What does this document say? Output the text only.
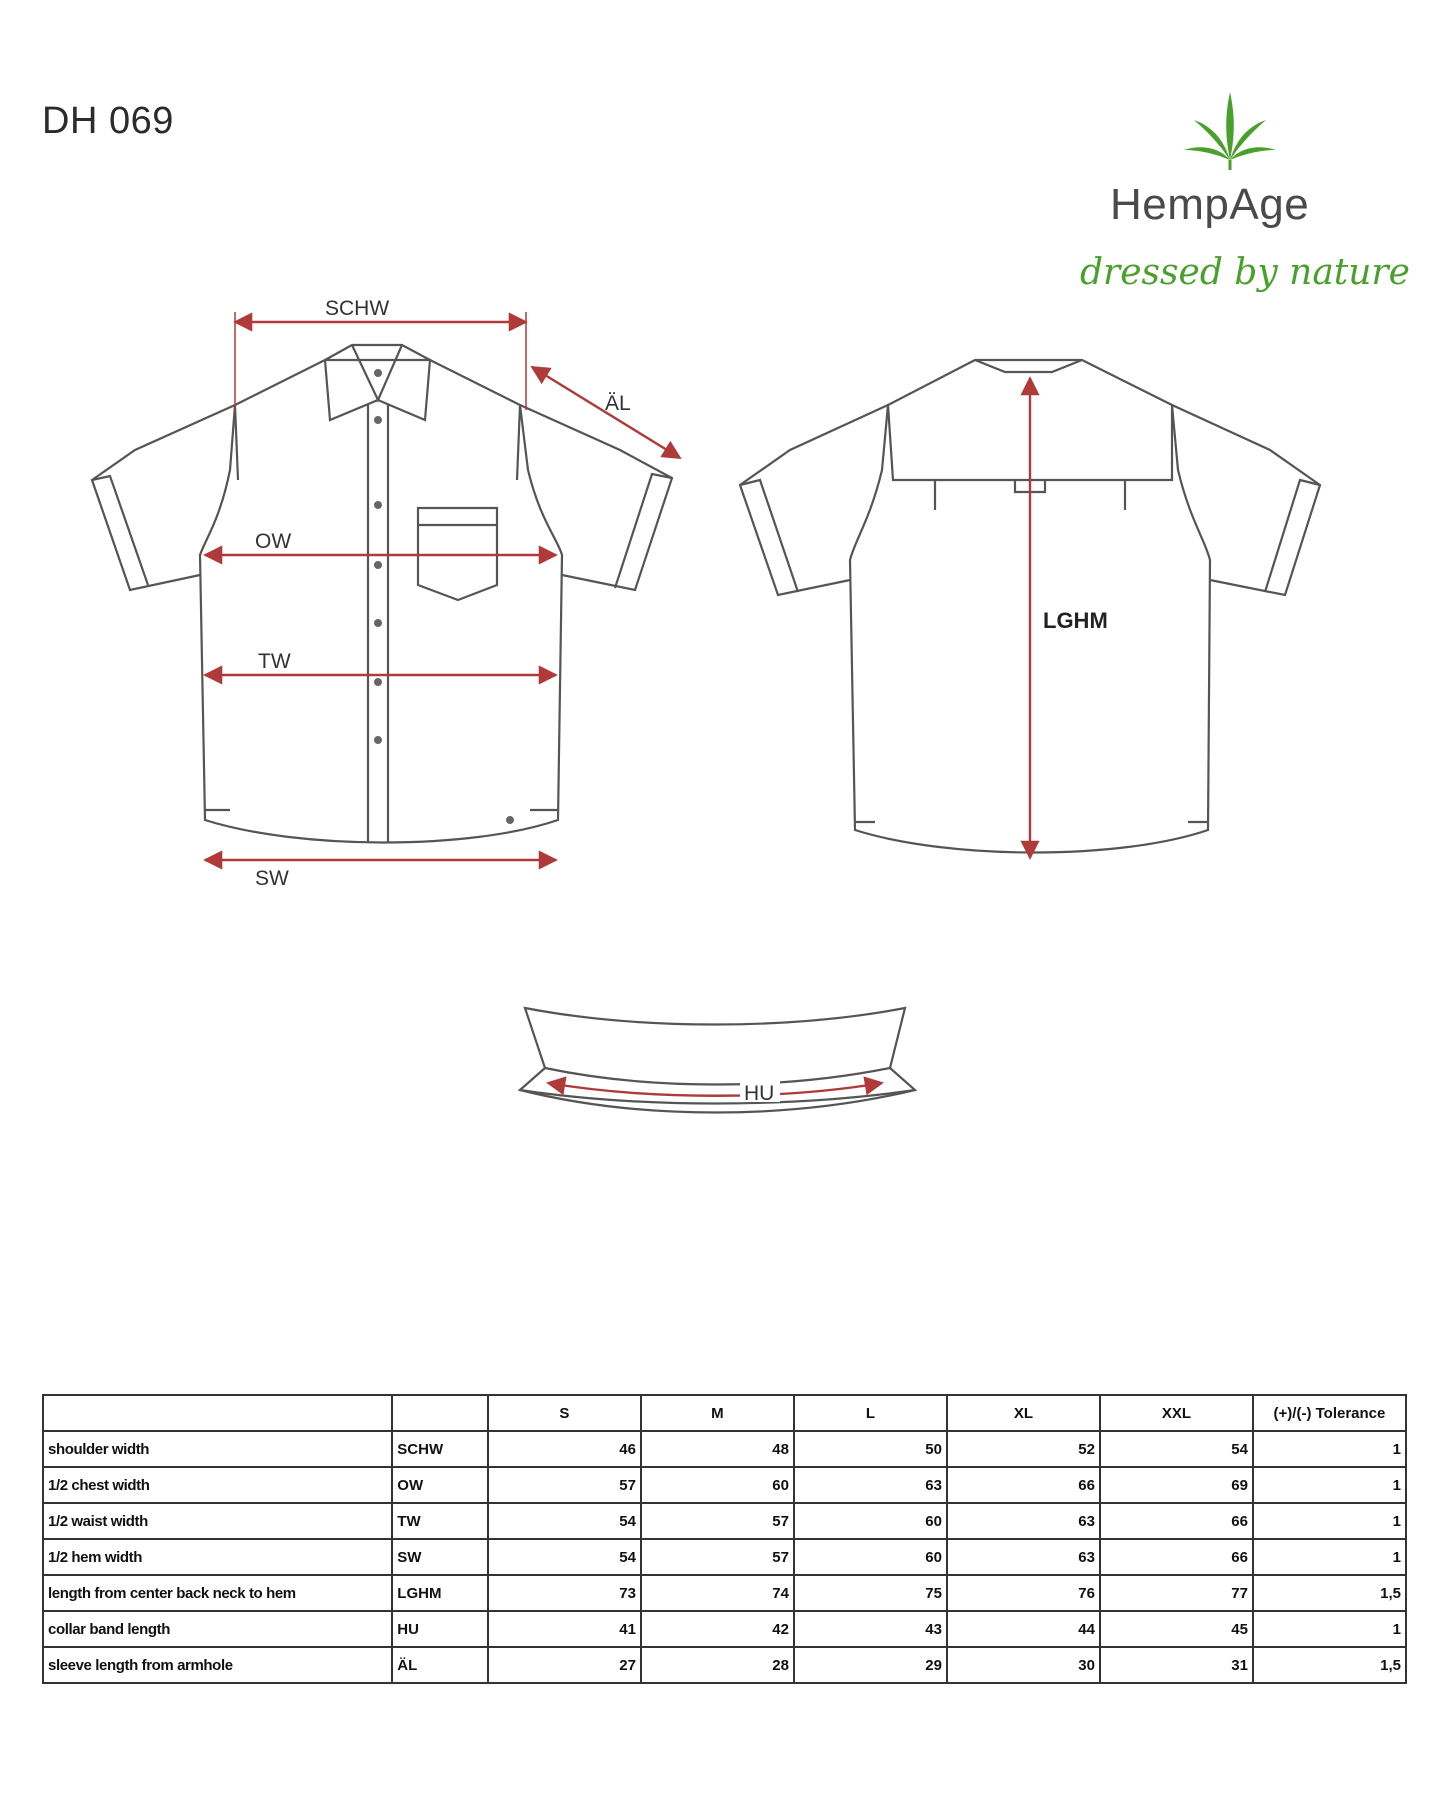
DH 069
HempAge
dressed by nature
SCHW
ÄL
OW
TW
SW
LGHM
HU
		S	M	L	XL	XXL	(+)/(-) Tolerance
shoulder width	SCHW	46	48	50	52	54	1
1/2 chest width	OW	57	60	63	66	69	1
1/2 waist width	TW	54	57	60	63	66	1
1/2 hem width	SW	54	57	60	63	66	1
length from center back neck to hem	LGHM	73	74	75	76	77	1,5
collar band length	HU	41	42	43	44	45	1
sleeve length from armhole	ÄL	27	28	29	30	31	1,5
